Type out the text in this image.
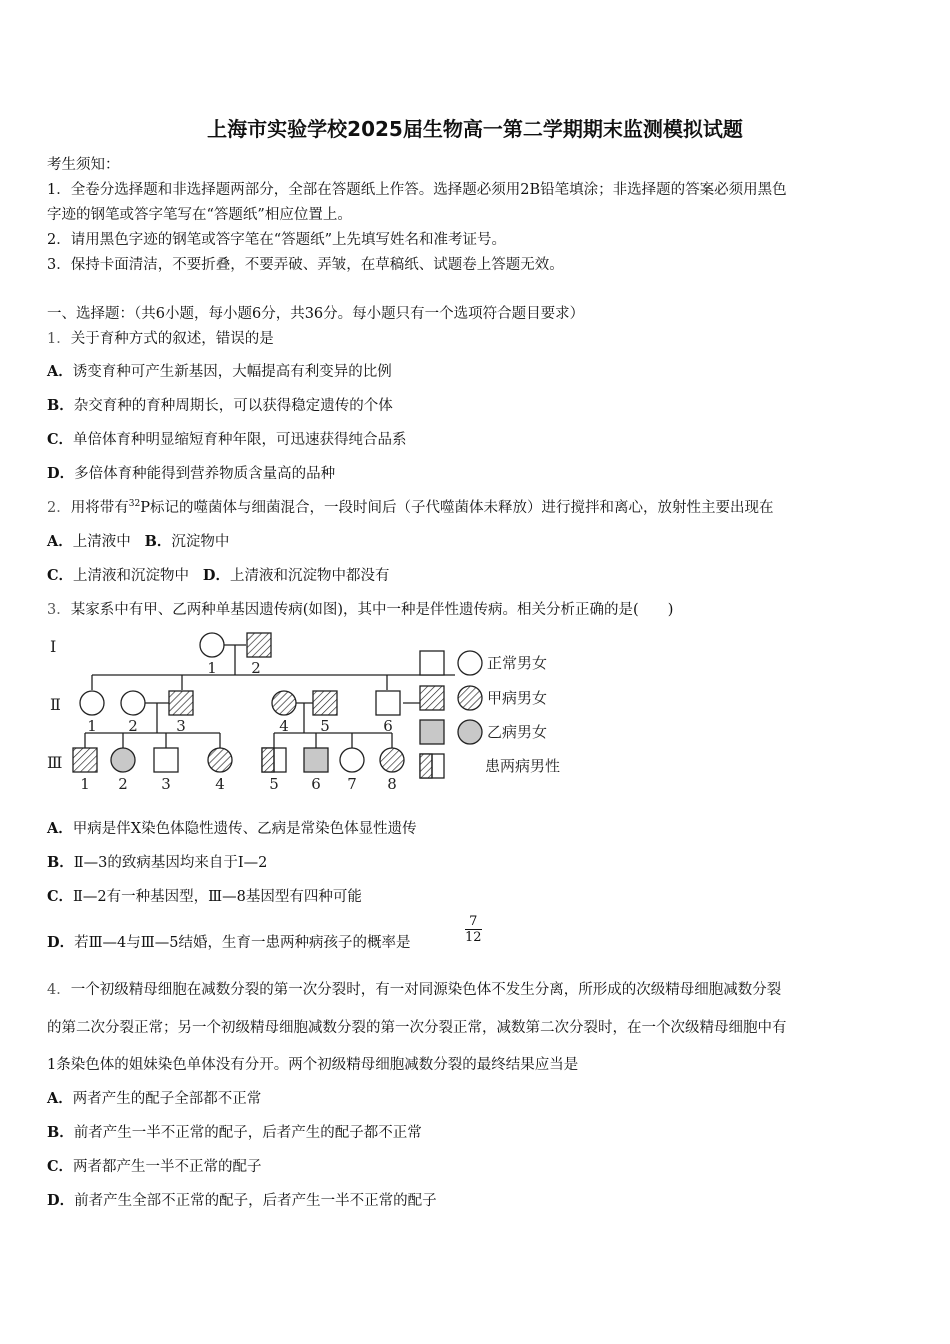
上海市实验学校2025届生物高一第二学期期末监测模拟试题
考生须知：
1．全卷分选择题和非选择题两部分，全部在答题纸上作答。选择题必须用2B铅笔填涂；非选择题的答案必须用黑色
字迹的钢笔或答字笔写在“答题纸”相应位置上。
2．请用黑色字迹的钢笔或答字笔在“答题纸”上先填写姓名和准考证号。
3．保持卡面清洁，不要折叠，不要弄破、弄皱，在草稿纸、试题卷上答题无效。
一、选择题：（共6小题，每小题6分，共36分。每小题只有一个选项符合题目要求）
1．关于育种方式的叙述，错误的是
A．诱变育种可产生新基因，大幅提高有利变异的比例
B．杂交育种的育种周期长，可以获得稳定遗传的个体
C．单倍体育种明显缩短育种年限，可迅速获得纯合品系
D．多倍体育种能得到营养物质含量高的品种
2．用将带有$^{32}$P标记的噬菌体与细菌混合，一段时间后（子代噬菌体未释放）进行搅拌和离心，放射性主要出现在
A．上清液中 B．沉淀物中
C．上清液和沉淀物中 D．上清液和沉淀物中都没有
3．某家系中有甲、乙两种单基因遗传病(如图)，其中一种是伴性遗传病。相关分析正确的是(　　)
Ⅰ
Ⅱ
Ⅲ
1 2
1 2	3	4 5	6
1 2 3	4	5 6 7 8
正常男女
甲病男女
乙病男女
患两病男性
A．甲病是伴X染色体隐性遗传、乙病是常染色体显性遗传
B．Ⅱ—3的致病基因均来自于Ⅰ—2
C．Ⅱ—2有一种基因型，Ⅲ—8基因型有四种可能
D．若Ⅲ—4与Ⅲ—5结婚，生育一患两种病孩子的概率是	$\frac{7}{12}$
4．一个初级精母细胞在减数分裂的第一次分裂时，有一对同源染色体不发生分离，所形成的次级精母细胞减数分裂
的第二次分裂正常；另一个初级精母细胞减数分裂的第一次分裂正常，减数第二次分裂时，在一个次级精母细胞中有
1条染色体的姐妹染色单体没有分开。两个初级精母细胞减数分裂的最终结果应当是
A．两者产生的配子全部都不正常
B．前者产生一半不正常的配子，后者产生的配子都不正常
C．两者都产生一半不正常的配子
D．前者产生全部不正常的配子，后者产生一半不正常的配子
